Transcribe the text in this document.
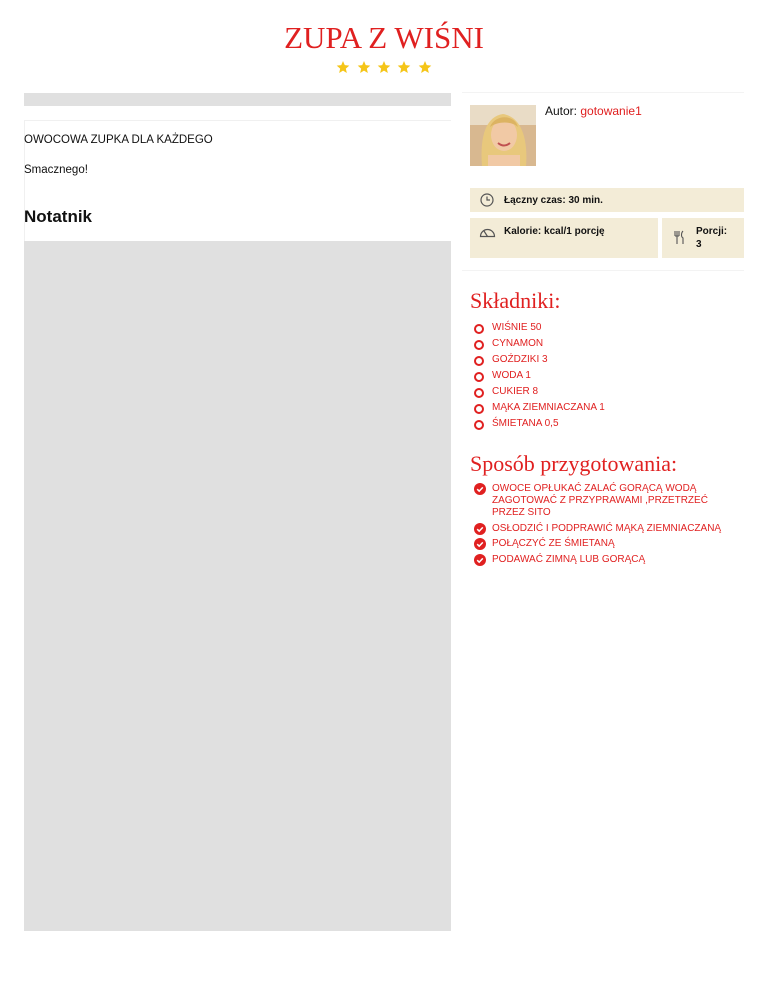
ZUPA Z WIŚNI

OWOCOWA ZUPKA DLA KAŻDEGO
Smacznego!
Notatnik
Autor: gotowanie1
Łączny czas: 30 min.
Kalorie: kcal/1 porcję	Porcji:
3
Składniki:
WIŚNIE 50
CYNAMON
GOŹDZIKI 3
WODA 1
CUKIER 8
MĄKA ZIEMNIACZANA 1
ŚMIETANA 0,5
Sposób przygotowania:
OWOCE OPŁUKAĆ ZALAĆ GORĄCĄ WODĄ ZAGOTOWAĆ Z PRZYPRAWAMI ,PRZETRZEĆ PRZEZ SITO
OSŁODZIĆ I PODPRAWIĆ MĄKĄ ZIEMNIACZANĄ
POŁĄCZYĆ ZE ŚMIETANĄ
PODAWAĆ ZIMNĄ LUB GORĄCĄ
